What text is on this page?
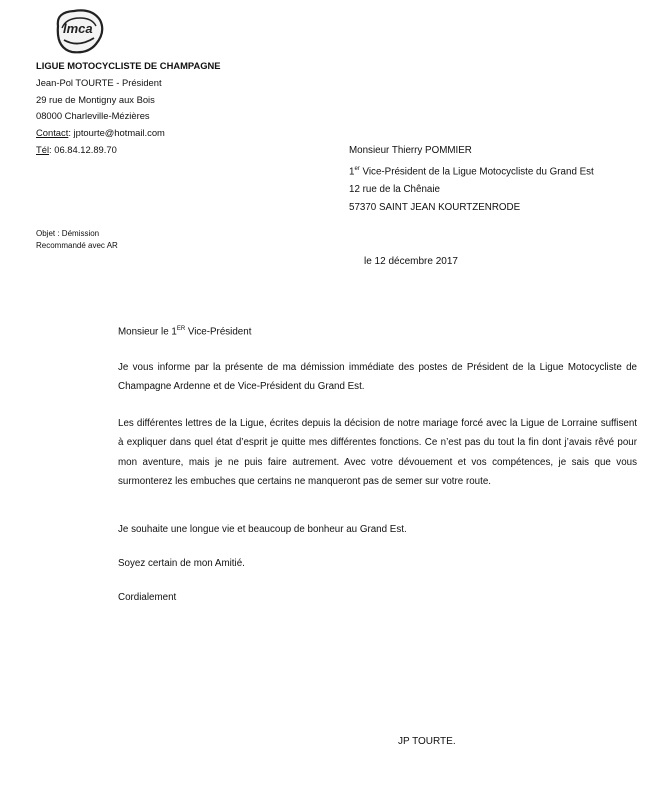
lmca
LIGUE MOTOCYCLISTE DE CHAMPAGNE
Jean-Pol TOURTE - Président
29 rue de Montigny aux Bois
08000 Charleville-Mézières
Contact: jptourte@hotmail.com
Tél: 06.84.12.89.70	Monsieur Thierry POMMIER
1er Vice-Président de la Ligue Motocycliste du Grand Est
12 rue de la Chênaie
57370 SAINT JEAN KOURTZENRODE
Objet : Démission
Recommandé avec AR
le 12 décembre 2017
Monsieur le 1ER Vice-Président
Je vous informe par la présente de ma démission immédiate des postes de Président de la Ligue Motocycliste de Champagne Ardenne et de Vice-Président du Grand Est.
Les différentes lettres de la Ligue, écrites depuis la décision de notre mariage forcé avec la Ligue de Lorraine suffisent à expliquer dans quel état d’esprit je quitte mes différentes fonctions. Ce n’est pas du tout la fin dont j’avais rêvé pour mon aventure, mais je ne puis faire autrement. Avec votre dévouement et vos compétences, je sais que vous surmonterez les embuches que certains ne manqueront pas de semer sur votre route.
Je souhaite une longue vie et beaucoup de bonheur au Grand Est.
Soyez certain de mon Amitié.
Cordialement
JP TOURTE.
